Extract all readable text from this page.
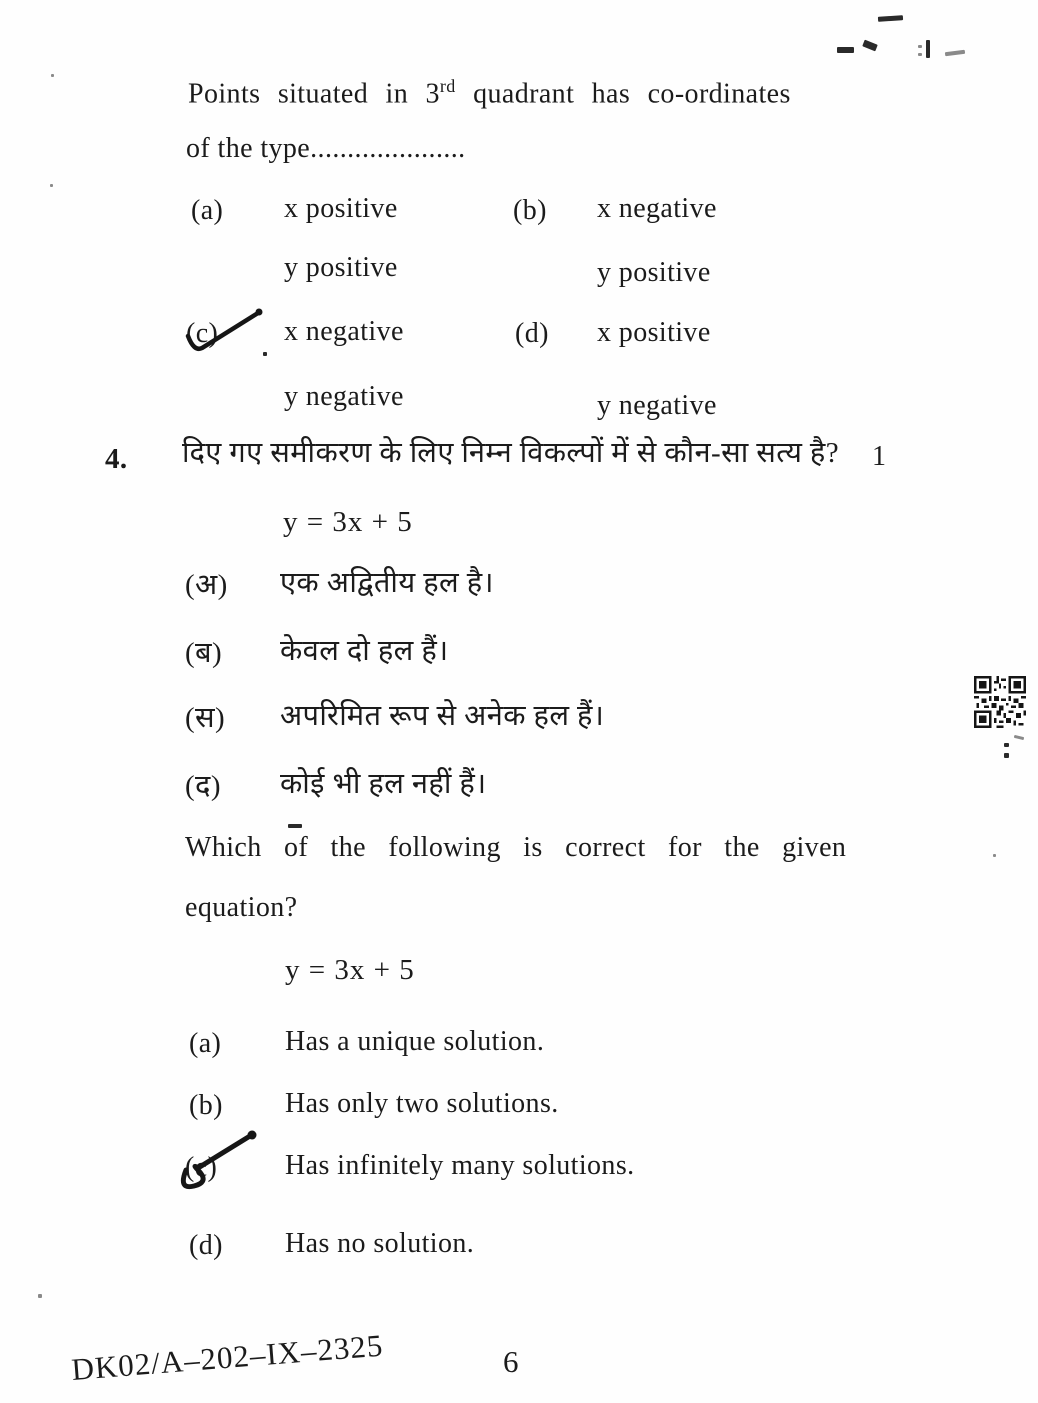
Points situated in 3rd quadrant has co-ordinates
of the type.....................
(a) x positive
y positive
(b) x negative
y positive
(c) x negative
y negative
(d) x positive
y negative
4. दिए गए समीकरण के लिए निम्न विकल्पों में से कौन-सा सत्य है? 1
y = 3x + 5
(अ) एक अद्वितीय हल है।
(ब) केवल दो हल हैं।
(स) अपरिमित रूप से अनेक हल हैं।
(द) कोई भी हल नहीं हैं।
Which of the following is correct for the given
equation?
y = 3x + 5
(a) Has a unique solution.
(b) Has only two solutions.
(c) Has infinitely many solutions.
(d) Has no solution.
DK02/A–202–IX–2325	6
